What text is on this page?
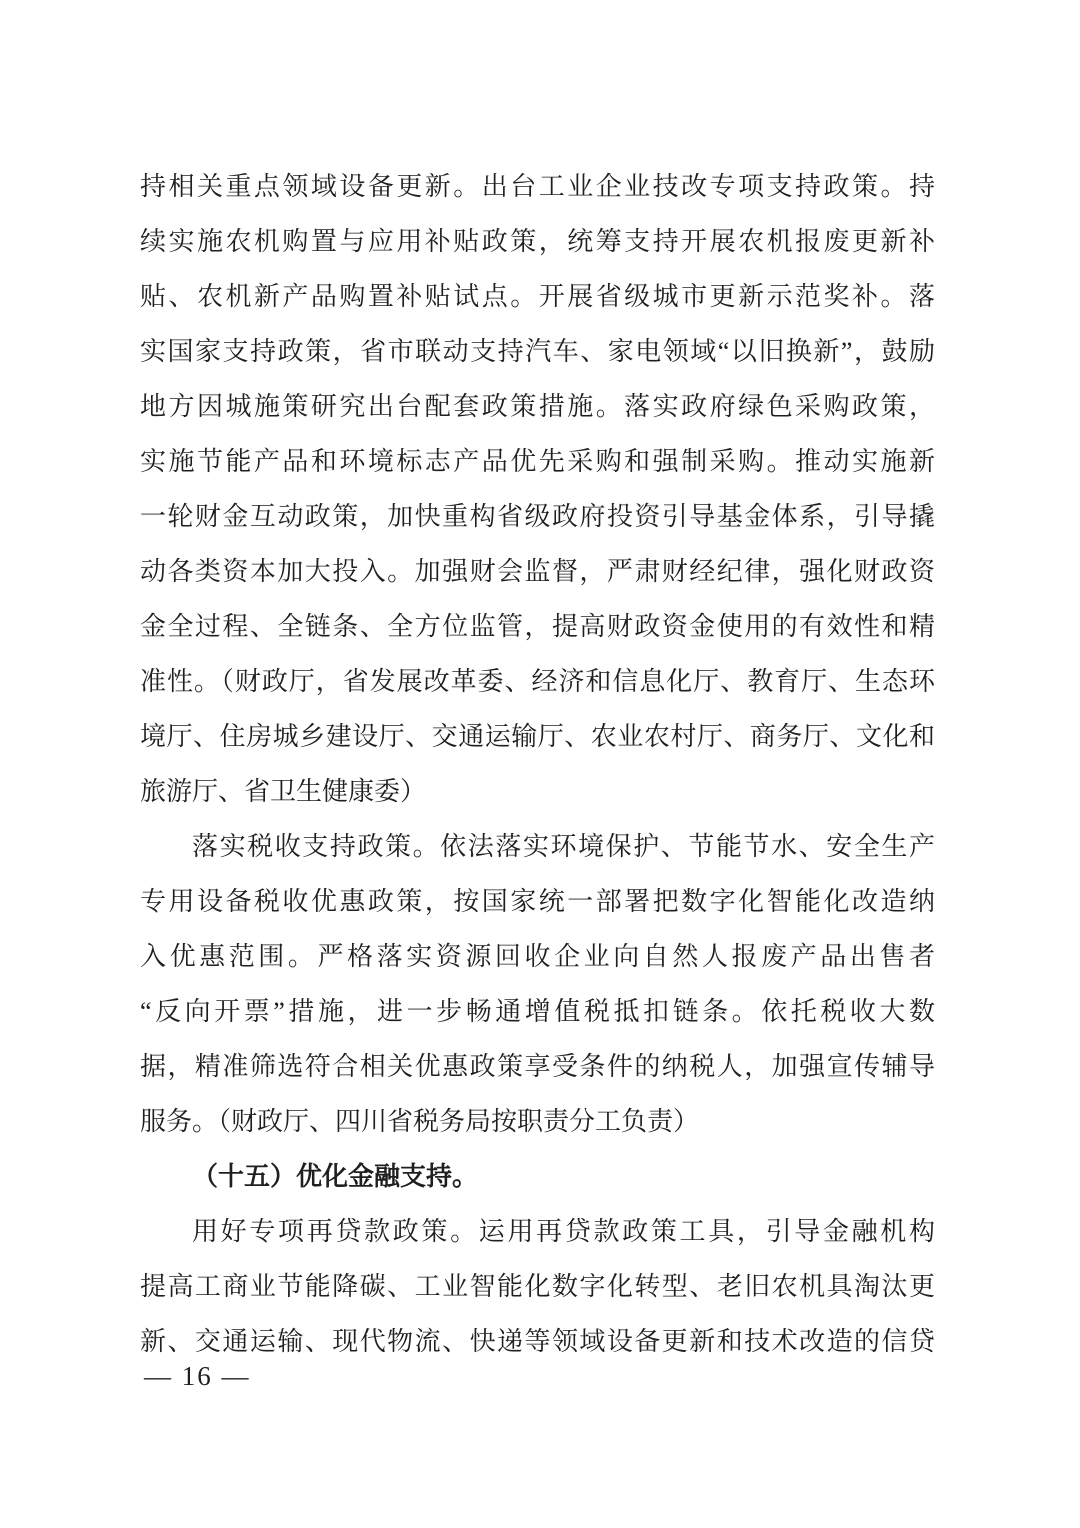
持相关重点领域设备更新。出台工业企业技改专项支持政策。持
续实施农机购置与应用补贴政策，统筹支持开展农机报废更新补
贴、农机新产品购置补贴试点。开展省级城市更新示范奖补。落
实国家支持政策，省市联动支持汽车、家电领域“以旧换新”，鼓励
地方因城施策研究出台配套政策措施。落实政府绿色采购政策，
实施节能产品和环境标志产品优先采购和强制采购。推动实施新
一轮财金互动政策，加快重构省级政府投资引导基金体系，引导撬
动各类资本加大投入。加强财会监督，严肃财经纪律，强化财政资
金全过程、全链条、全方位监管，提高财政资金使用的有效性和精
准性。（财政厅，省发展改革委、经济和信息化厅、教育厅、生态环
境厅、住房城乡建设厅、交通运输厅、农业农村厅、商务厅、文化和
旅游厅、省卫生健康委）
落实税收支持政策。依法落实环境保护、节能节水、安全生产
专用设备税收优惠政策，按国家统一部署把数字化智能化改造纳
入优惠范围。严格落实资源回收企业向自然人报废产品出售者
“反向开票”措施，进一步畅通增值税抵扣链条。依托税收大数
据，精准筛选符合相关优惠政策享受条件的纳税人，加强宣传辅导
服务。（财政厅、四川省税务局按职责分工负责）
（十五）优化金融支持。
用好专项再贷款政策。运用再贷款政策工具，引导金融机构
提高工商业节能降碳、工业智能化数字化转型、老旧农机具淘汰更
新、交通运输、现代物流、快递等领域设备更新和技术改造的信贷
— 16 —
